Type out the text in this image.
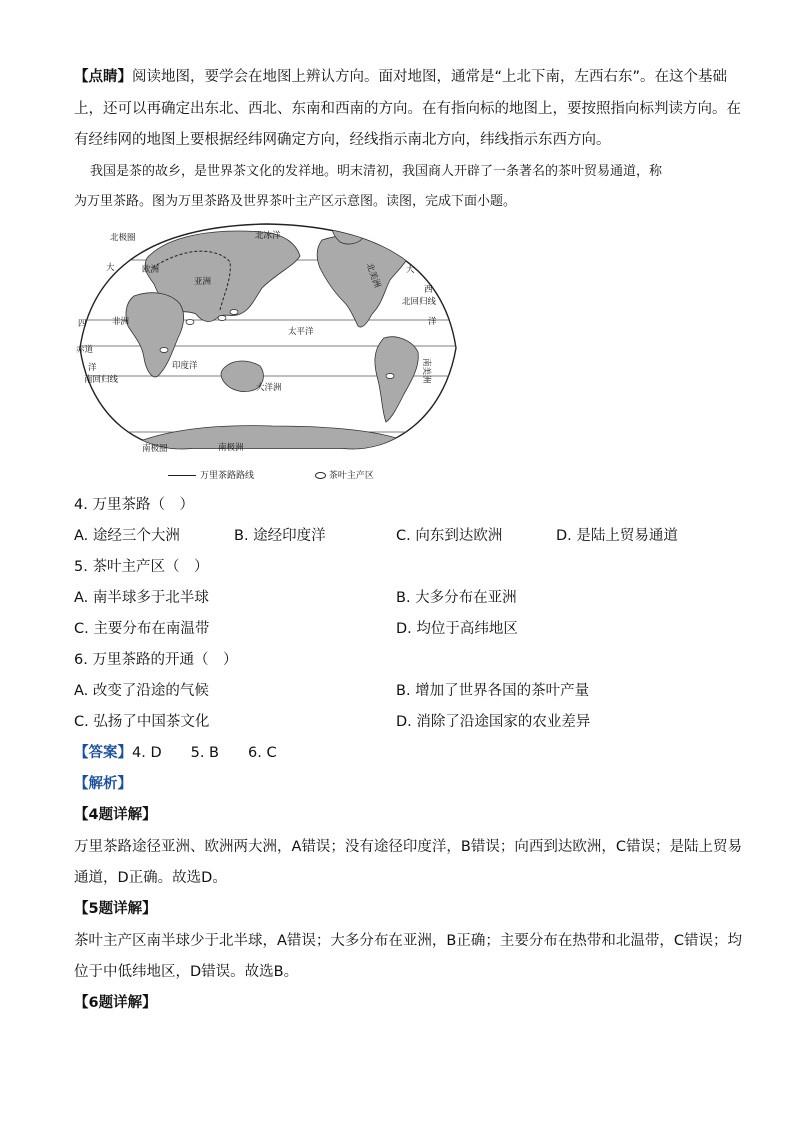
【点睛】阅读地图，要学会在地图上辨认方向。面对地图，通常是“上北下南，左西右东”。在这个基础
上，还可以再确定出东北、西北、东南和西南的方向。在有指向标的地图上，要按照指向标判读方向。在
有经纬网的地图上要根据经纬网确定方向，经线指示南北方向，纬线指示东西方向。
我国是茶的故乡，是世界茶文化的发祥地。明末清初，我国商人开辟了一条著名的茶叶贸易通道，称
为万里茶路。图为万里茶路及世界茶叶主产区示意图。读图，完成下面小题。
北极圈	北冰洋
大	欧洲
亚洲	北美洲	大
西
北回归线
四	非洲
太平洋
洋
赤道
洋	印度洋	南美洲
南回归线
大洋洲
南极洲
南极圈
万里茶路路线	茶叶主产区
4. 万里茶路（　）
A. 途经三个大洲	B. 途经印度洋	C. 向东到达欧洲	D. 是陆上贸易通道
5. 茶叶主产区（　）
A. 南半球多于北半球	B. 大多分布在亚洲
C. 主要分布在南温带	D. 均位于高纬地区
6. 万里茶路的开通（　）
A. 改变了沿途的气候	B. 增加了世界各国的茶叶产量
C. 弘扬了中国茶文化	D. 消除了沿途国家的农业差异
【答案】4. D　　5. B　　6. C
【解析】
【4题详解】
万里茶路途径亚洲、欧洲两大洲，A错误；没有途径印度洋，B错误；向西到达欧洲，C错误；是陆上贸易
通道，D正确。故选D。
【5题详解】
茶叶主产区南半球少于北半球，A错误；大多分布在亚洲，B正确；主要分布在热带和北温带，C错误；均
位于中低纬地区，D错误。故选B。
【6题详解】
